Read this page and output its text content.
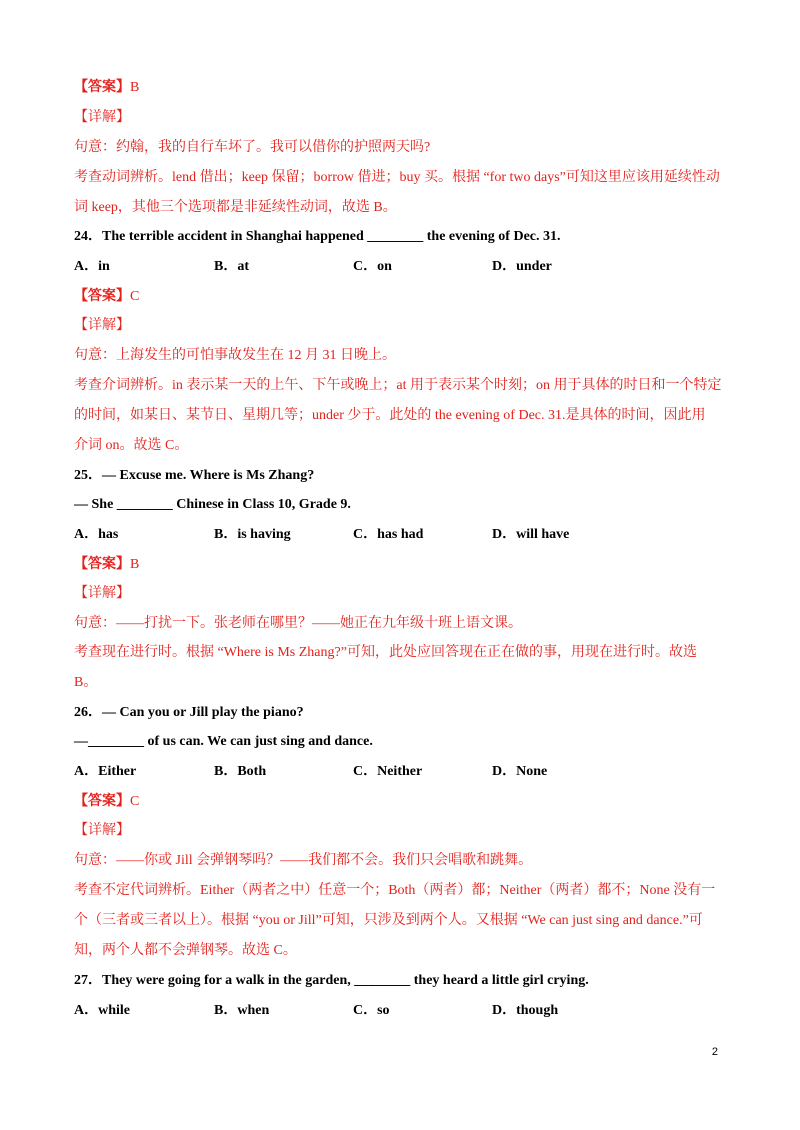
【答案】B
【详解】
句意：约翰，我的自行车坏了。我可以借你的护照两天吗?
考查动词辨析。lend 借出；keep 保留；borrow 借进；buy 买。根据 “for two days”可知这里应该用延续性动
词 keep，其他三个选项都是非延续性动词，故选 B。
24．The terrible accident in Shanghai happened ________ the evening of Dec. 31.
A．in	B．at	C．on	D．under
【答案】C
【详解】
句意：上海发生的可怕事故发生在 12 月 31 日晚上。
考查介词辨析。in 表示某一天的上午、下午或晚上；at 用于表示某个时刻；on 用于具体的时日和一个特定
的时间，如某日、某节日、星期几等；under 少于。此处的 the evening of Dec. 31.是具体的时间，因此用
介词 on。故选 C。
25．— Excuse me. Where is Ms Zhang?
— She ________ Chinese in Class 10, Grade 9.
A．has	B．is having	C．has had	D．will have
【答案】B
【详解】
句意：——打扰一下。张老师在哪里？——她正在九年级十班上语文课。
考查现在进行时。根据 “Where is Ms Zhang?”可知，此处应回答现在正在做的事，用现在进行时。故选
B。
26．— Can you or Jill play the piano?
—________ of us can. We can just sing and dance.
A．Either	B．Both	C．Neither	D．None
【答案】C
【详解】
句意：——你或 Jill 会弹钢琴吗？——我们都不会。我们只会唱歌和跳舞。
考查不定代词辨析。Either（两者之中）任意一个；Both（两者）都；Neither（两者）都不；None 没有一
个（三者或三者以上）。根据 “you or Jill”可知，只涉及到两个人。又根据 “We can just sing and dance.”可
知，两个人都不会弹钢琴。故选 C。
27．They were going for a walk in the garden, ________ they heard a little girl crying.
A．while	B．when	C．so	D．though
2
